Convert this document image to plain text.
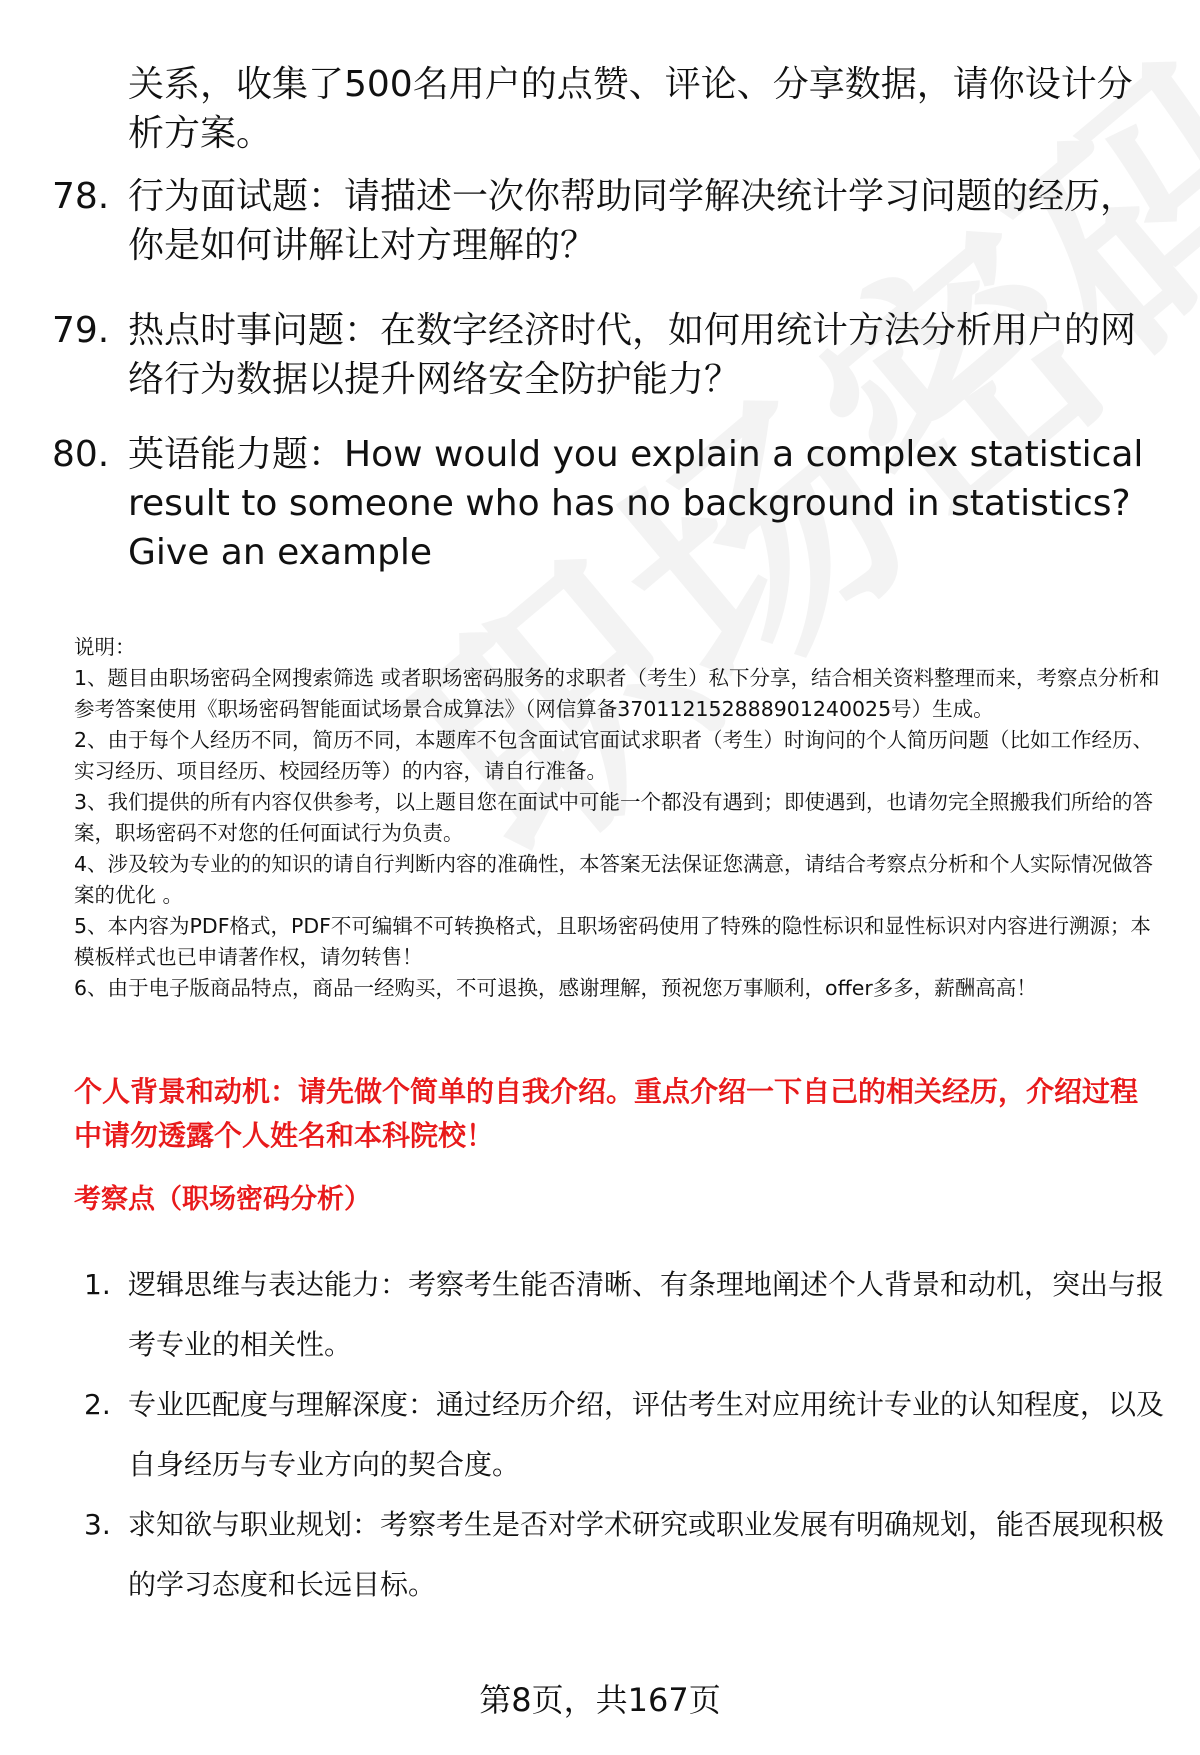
关系，收集了500名用户的点赞、评论、分享数据，请你设计分析方案。
78. 行为面试题：请描述一次你帮助同学解决统计学习问题的经历，你是如何讲解让对方理解的？
79. 热点时事问题：在数字经济时代，如何用统计方法分析用户的网络行为数据以提升网络安全防护能力？
80. 英语能力题：How would you explain a complex statistical result to someone who has no background in statistics? Give an example

说明：

1、题目由职场密码全网搜索筛选 或者职场密码服务的求职者（考生）私下分享，结合相关资料整理而来，考察点分析和参考答案使用《职场密码智能面试场景合成算法》（网信算备370112152888901240025号）生成。

2、由于每个人经历不同，简历不同，本题库不包含面试官面试求职者（考生）时询问的个人简历问题（比如工作经历、实习经历、项目经历、校园经历等）的内容，请自行准备。

3、我们提供的所有内容仅供参考，以上题目您在面试中可能一个都没有遇到；即使遇到，也请勿完全照搬我们所给的答案，职场密码不对您的任何面试行为负责。

4、涉及较为专业的的知识的请自行判断内容的准确性，本答案无法保证您满意，请结合考察点分析和个人实际情况做答案的优化 。

5、本内容为PDF格式，PDF不可编辑不可转换格式，且职场密码使用了特殊的隐性标识和显性标识对内容进行溯源；本模板样式也已申请著作权，请勿转售！

6、由于电子版商品特点，商品一经购买，不可退换，感谢理解，预祝您万事顺利，offer多多，薪酬高高！

个人背景和动机：请先做个简单的自我介绍。重点介绍一下自己的相关经历，介绍过程中请勿透露个人姓名和本科院校！
考察点（职场密码分析）
1. 逻辑思维与表达能力：考察考生能否清晰、有条理地阐述个人背景和动机，突出与报考专业的相关性。
2. 专业匹配度与理解深度：通过经历介绍，评估考生对应用统计专业的认知程度，以及自身经历与专业方向的契合度。
3. 求知欲与职业规划：考察考生是否对学术研究或职业发展有明确规划，能否展现积极的学习态度和长远目标。
第8页，共167页
